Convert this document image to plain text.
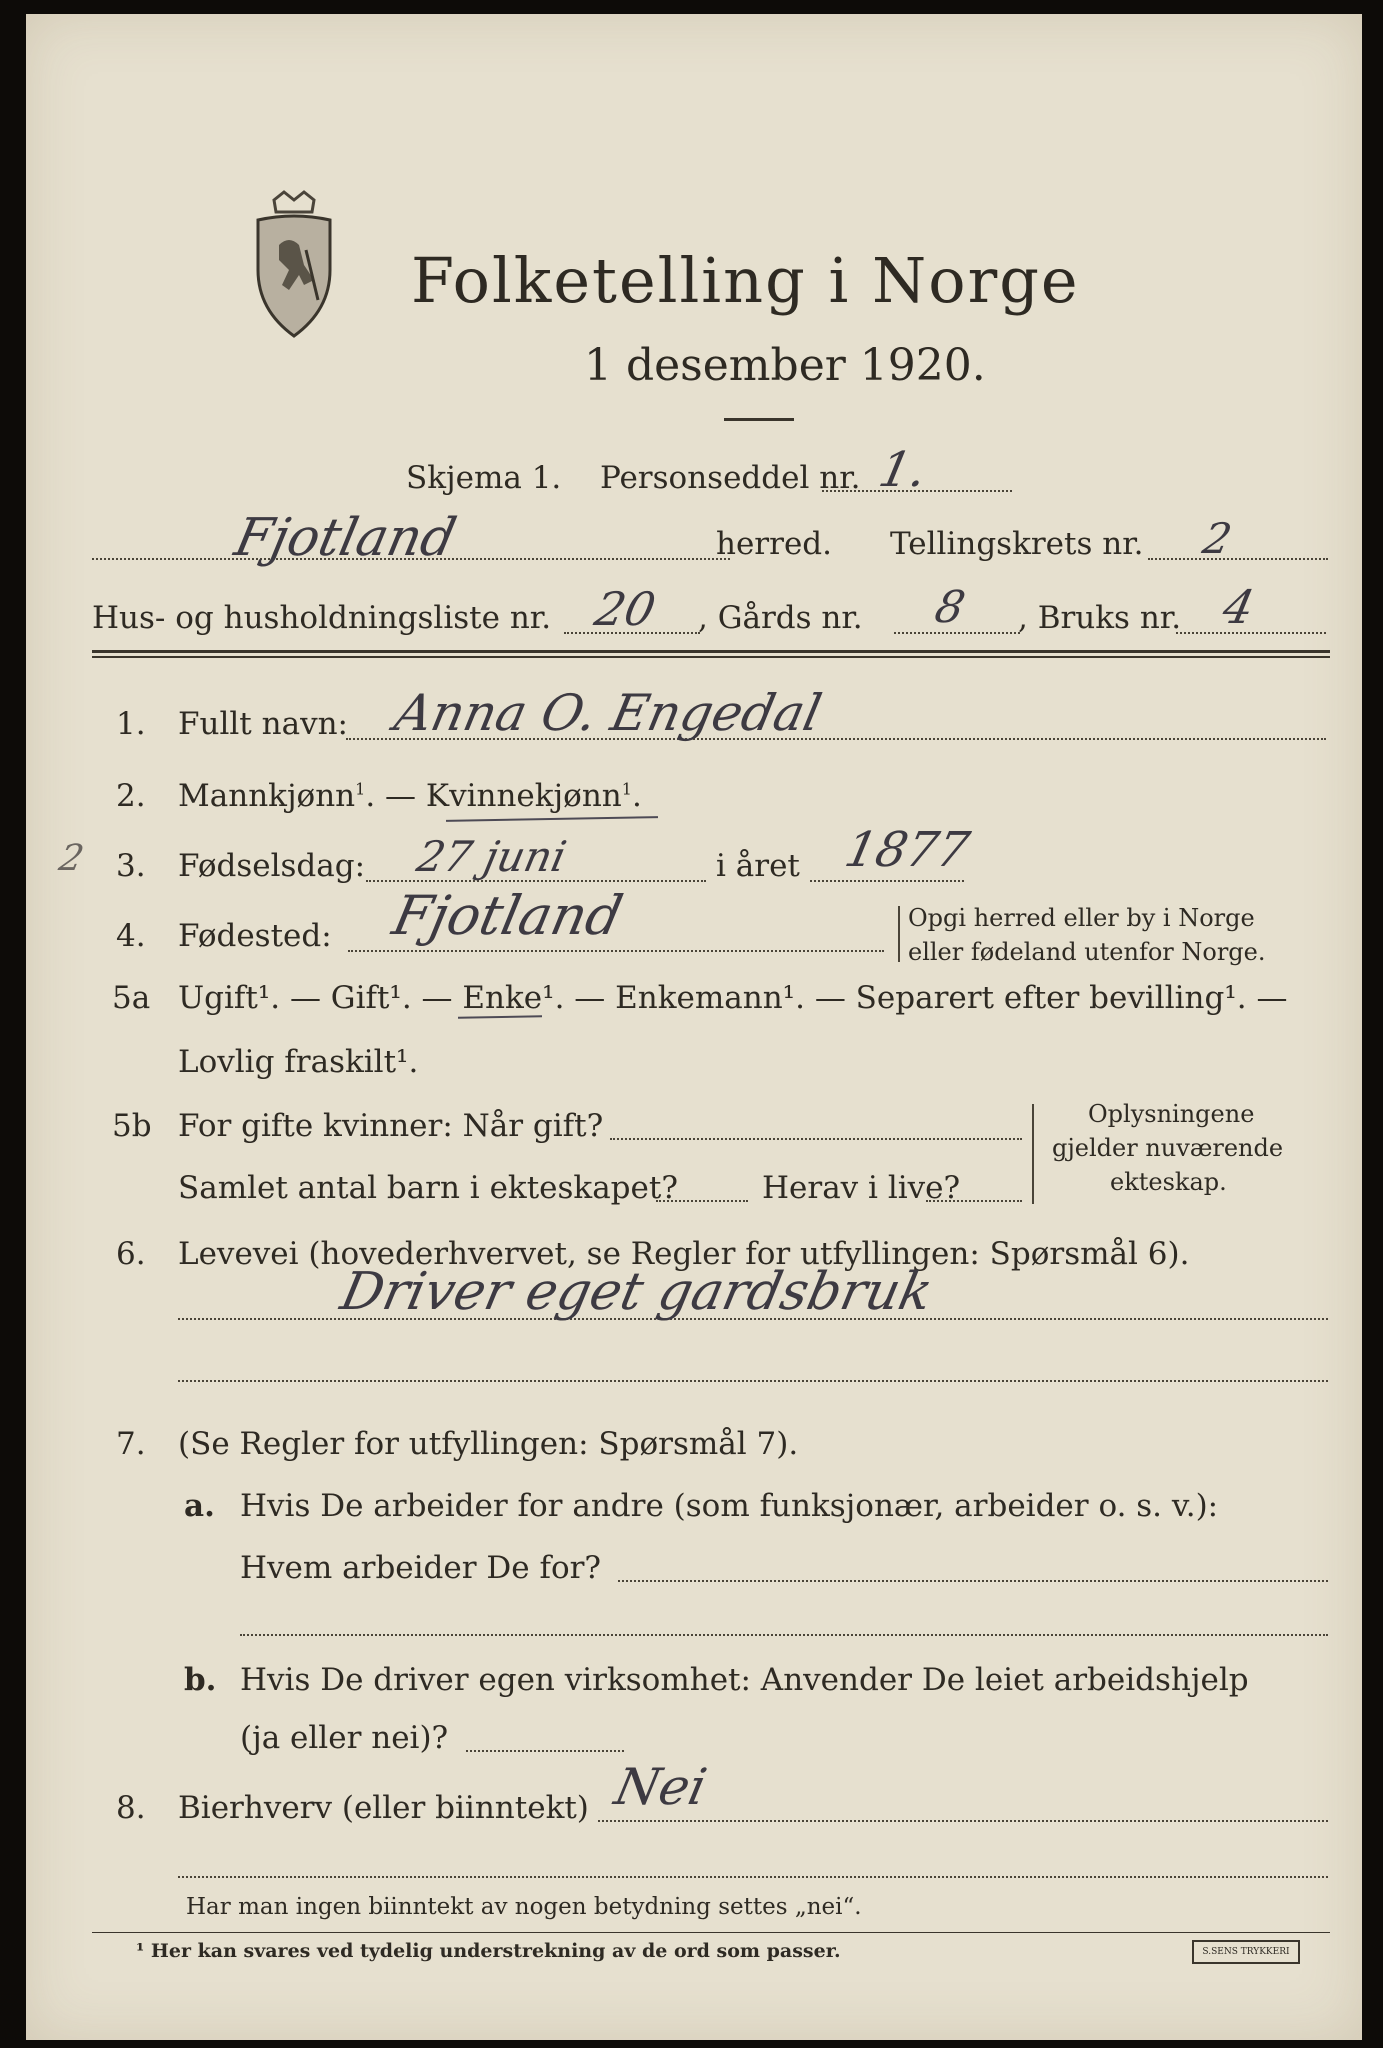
Folketelling i Norge
1 desember 1920.
Skjema 1. Personseddel nr. 1.
Fjotland	herred. Tellingskrets nr. 2
Hus- og husholdningsliste nr. 20 , Gårds nr. 8 , Bruks nr. 4
1. Fullt navn: Anna O. Engedal
2. Mannkjønn$^1$. — Kvinnekjønn$^1$.
2 3. Fødselsdag: 27 juni	i året 1877
4. Fødested: Fjotland	Opgi herred eller by i Norge
eller fødeland utenfor Norge.
5a Ugift¹. — Gift¹. — Enke¹. — Enkemann¹. — Separert efter bevilling¹. —
Lovlig fraskilt¹.
5b For gifte kvinner: Når gift?
Samlet antal barn i ekteskapet?	Herav i live?
Oplysningene
gjelder nuværende
ekteskap.
6. Levevei (hovederhvervet, se Regler for utfyllingen: Spørsmål 6).
Driver eget gardsbruk
7. (Se Regler for utfyllingen: Spørsmål 7).
a. Hvis De arbeider for andre (som funksjonær, arbeider o. s. v.):
Hvem arbeider De for?
b. Hvis De driver egen virksomhet: Anvender De leiet arbeidshjelp
(ja eller nei)?
8. Bierhverv (eller biinntekt) Nei
Har man ingen biinntekt av nogen betydning settes „nei“.
¹ Her kan svares ved tydelig understrekning av de ord som passer.	S.SENS TRYKKERI
